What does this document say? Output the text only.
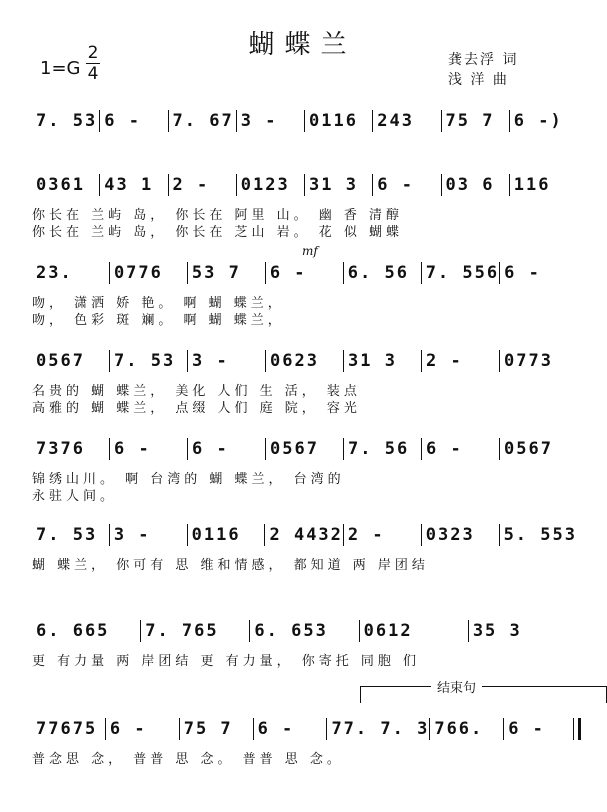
蝴蝶兰
1=G
2
4
龚去浮 词
浅 洋 曲
7. 53 6 -	7. 67 3 -	0116	243	75 7	6 -)
0361	43 1	2 -	0123	31 3	6 -	03 6	116
你长在 兰屿 岛， 你长在 阿里 山。 幽 香 清醇
你长在 兰屿 岛， 你长在 芝山 岩。 花 似 蝴蝶
23.	0776	53 7	6 -	6. 56 7. 556 6 -
吻， 潇洒 娇 艳。 啊 蝴 蝶兰，
吻， 色彩 斑 斓。 啊 蝴 蝶兰，
mf
0567	7. 53 3 -	0623	31 3	2 -	0773
名贵的 蝴 蝶兰， 美化 人们 生 活， 装点
高雅的 蝴 蝶兰， 点缀 人们 庭 院， 容光
7376	6 -	6 -	0567	7. 56 6 -	0567
锦绣山川。 啊 台湾的 蝴 蝶兰， 台湾的
永驻人间。
7. 53 3 -	0116	2 4432 2 -	0323	5. 553
蝴 蝶兰， 你可有 思 维和情感， 都知道 两 岸团结
6. 665	7. 765	6. 653	0612	35 3
更 有力量 两 岸团结 更 有力量， 你寄托 同胞 们
77675 6 -	75 7	6 -	77. 7. 3 766.	6 -
普念思 念， 普普 思 念。 普普 思 念。
结束句
